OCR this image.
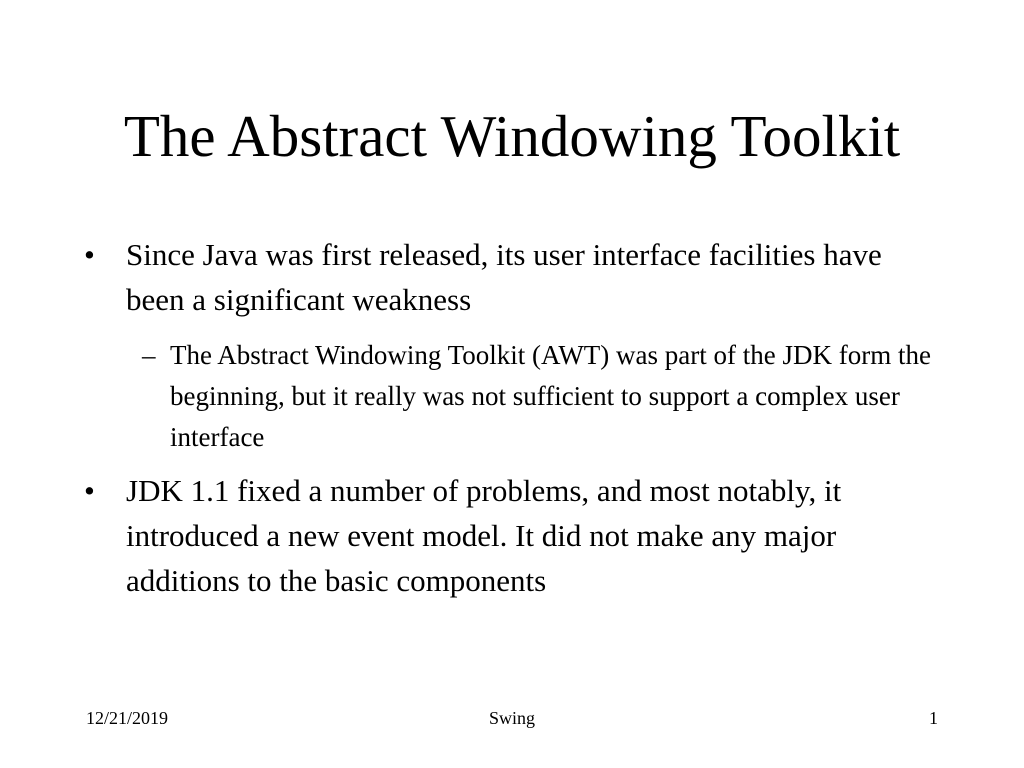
The Abstract Windowing Toolkit
• Since Java was first released, its user interface facilities have been a significant weakness
– The Abstract Windowing Toolkit (AWT) was part of the JDK form the beginning, but it really was not sufficient to support a complex user interface
• JDK 1.1 fixed a number of problems, and most notably, it introduced a new event model. It did not make any major additions to the basic components
12/21/2019	Swing	1
